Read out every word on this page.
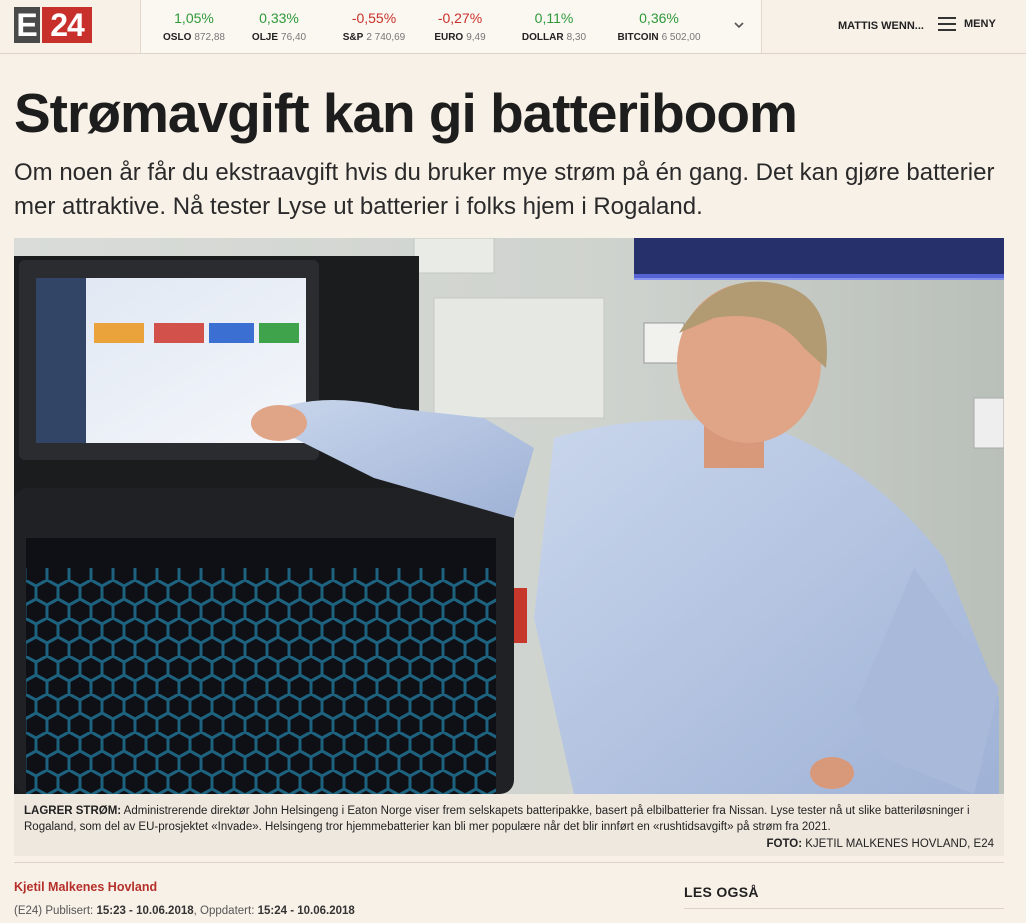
E 24	1,05%
OSLO 872,88
0,33%
OLJE 76,40
-0,55%
S&P 2 740,69
-0,27%
EURO 9,49
0,11%
DOLLAR 8,30
0,36%
BITCOIN 6 502,00
MATTIS WENN...	MENY
Strømavgift kan gi batteriboom

Om noen år får du ekstraavgift hvis du bruker mye strøm på én gang. Det kan gjøre batterier mer attraktive. Nå tester Lyse ut batterier i folks hjem i Rogaland.

LAGRER STRØM: Administrerende direktør John Helsingeng i Eaton Norge viser frem selskapets batteripakke, basert på elbilbatterier fra Nissan. Lyse tester nå ut slike batteriløsninger i Rogaland, som del av EU-prosjektet «Invade». Helsingeng tror hjemmebatterier kan bli mer populære når det blir innført en «rushtidsavgift» på strøm fra 2021.
FOTO: KJETIL MALKENES HOVLAND, E24
Kjetil Malkenes Hovland
(E24) Publisert: 15:23 - 10.06.2018, Oppdatert: 15:24 - 10.06.2018
LES OGSÅ
